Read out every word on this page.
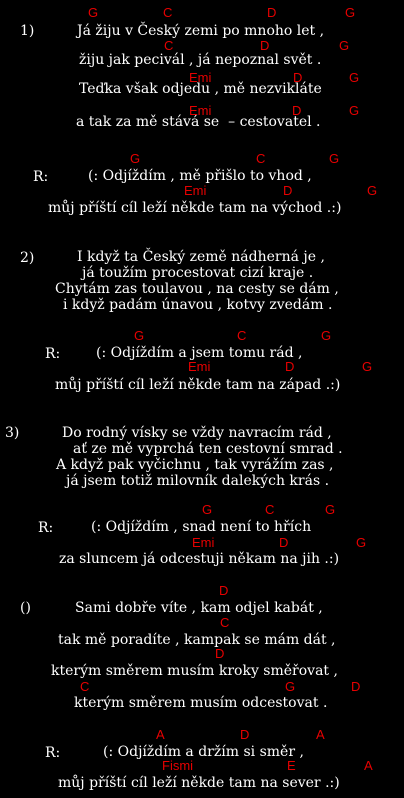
1)	Já žiju v Český zemi po mnoho let ,
G	C	D	G
žiju jak pecivál , já nepoznal svět .
C	D	G
Teďka však odjedu , mě nezvikláte
Emi	D	G
a tak za mě stává se  – cestovatel .
Emi	D	G
R:	(: Odjíždím , mě přišlo to vhod ,
G	C	G
můj příští cíl leží někde tam na východ .:)
Emi	D	G
2)	I když ta Český země nádherná je ,
já toužím procestovat cizí kraje .
Chytám zas toulavou , na cesty se dám ,
i když padám únavou , kotvy zvedám .
R:	(: Odjíždím a jsem tomu rád ,
G	C	G
můj příští cíl leží někde tam na západ .:)
Emi	D	G
3)	Do rodný vísky se vždy navracím rád ,
ať ze mě vyprchá ten cestovní smrad .
A když pak vyčichnu , tak vyrážím zas ,
já jsem totiž milovník dalekých krás .
R:	(: Odjíždím , snad není to hřích
G	C	G
za sluncem já odcestuji někam na jih .:)
Emi	D	G
()	Sami dobře víte , kam odjel kabát ,
D
tak mě poradíte , kampak se mám dát ,
C
kterým směrem musím kroky směřovat ,
D
kterým směrem musím odcestovat .
C	G	D
R:	(: Odjíždím a držím si směr ,
A	D	A
můj příští cíl leží někde tam na sever .:)
Fismi	E	A
